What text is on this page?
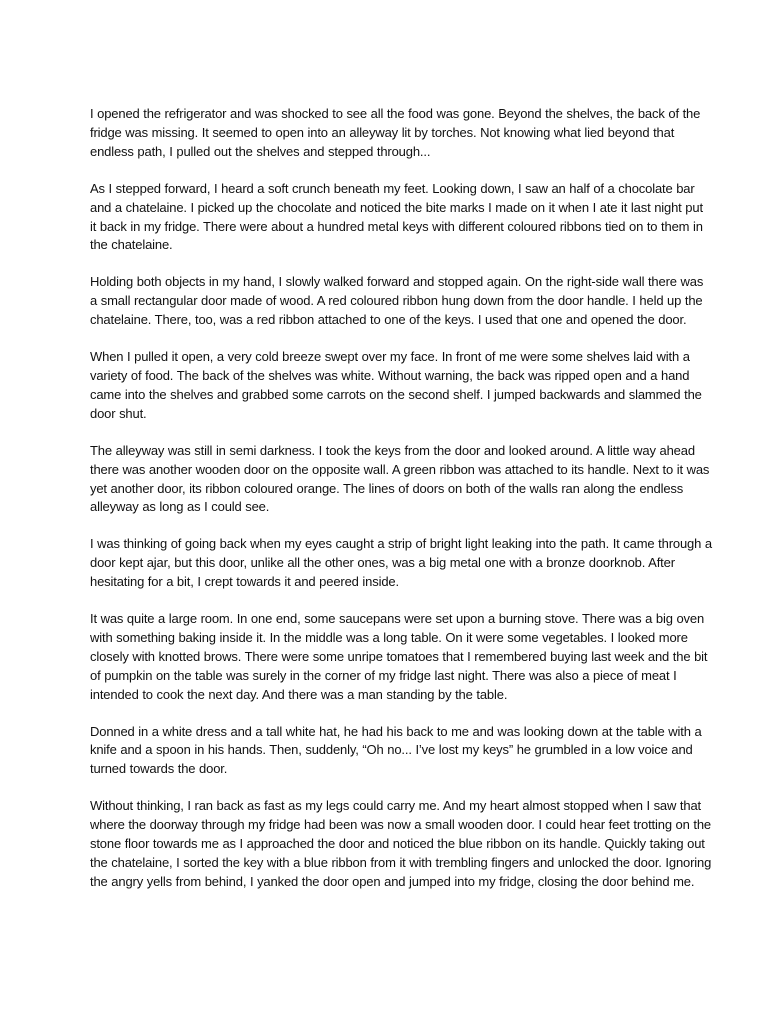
I opened the refrigerator and was shocked to see all the food was gone. Beyond the shelves, the back of the fridge was missing. It seemed to open into an alleyway lit by torches. Not knowing what lied beyond that endless path, I pulled out the shelves and stepped through...

As I stepped forward, I heard a soft crunch beneath my feet. Looking down, I saw an half of a chocolate bar and a chatelaine. I picked up the chocolate and noticed the bite marks I made on it when I ate it last night put it back in my fridge. There were about a hundred metal keys with different coloured ribbons tied on to them in the chatelaine.

Holding both objects in my hand, I slowly walked forward and stopped again. On the right-side wall there was a small rectangular door made of wood. A red coloured ribbon hung down from the door handle. I held up the chatelaine. There, too, was a red ribbon attached to one of the keys. I used that one and opened the door.

When I pulled it open, a very cold breeze swept over my face. In front of me were some shelves laid with a variety of food. The back of the shelves was white. Without warning, the back was ripped open and a hand came into the shelves and grabbed some carrots on the second shelf. I jumped backwards and slammed the door shut.

The alleyway was still in semi darkness. I took the keys from the door and looked around. A little way ahead there was another wooden door on the opposite wall. A green ribbon was attached to its handle. Next to it was yet another door, its ribbon coloured orange. The lines of doors on both of the walls ran along the endless alleyway as long as I could see.

I was thinking of going back when my eyes caught a strip of bright light leaking into the path. It came through a door kept ajar, but this door, unlike all the other ones, was a big metal one with a bronze doorknob. After hesitating for a bit, I crept towards it and peered inside.

It was quite a large room. In one end, some saucepans were set upon a burning stove. There was a big oven with something baking inside it. In the middle was a long table. On it were some vegetables. I looked more closely with knotted brows. There were some unripe tomatoes that I remembered buying last week and the bit of pumpkin on the table was surely in the corner of my fridge last night. There was also a piece of meat I intended to cook the next day. And there was a man standing by the table.

Donned in a white dress and a tall white hat, he had his back to me and was looking down at the table with a knife and a spoon in his hands. Then, suddenly, “Oh no... I’ve lost my keys” he grumbled in a low voice and turned towards the door.

Without thinking, I ran back as fast as my legs could carry me. And my heart almost stopped when I saw that where the doorway through my fridge had been was now a small wooden door. I could hear feet trotting on the stone floor towards me as I approached the door and noticed the blue ribbon on its handle. Quickly taking out the chatelaine, I sorted the key with a blue ribbon from it with trembling fingers and unlocked the door. Ignoring the angry yells from behind, I yanked the door open and jumped into my fridge, closing the door behind me.
